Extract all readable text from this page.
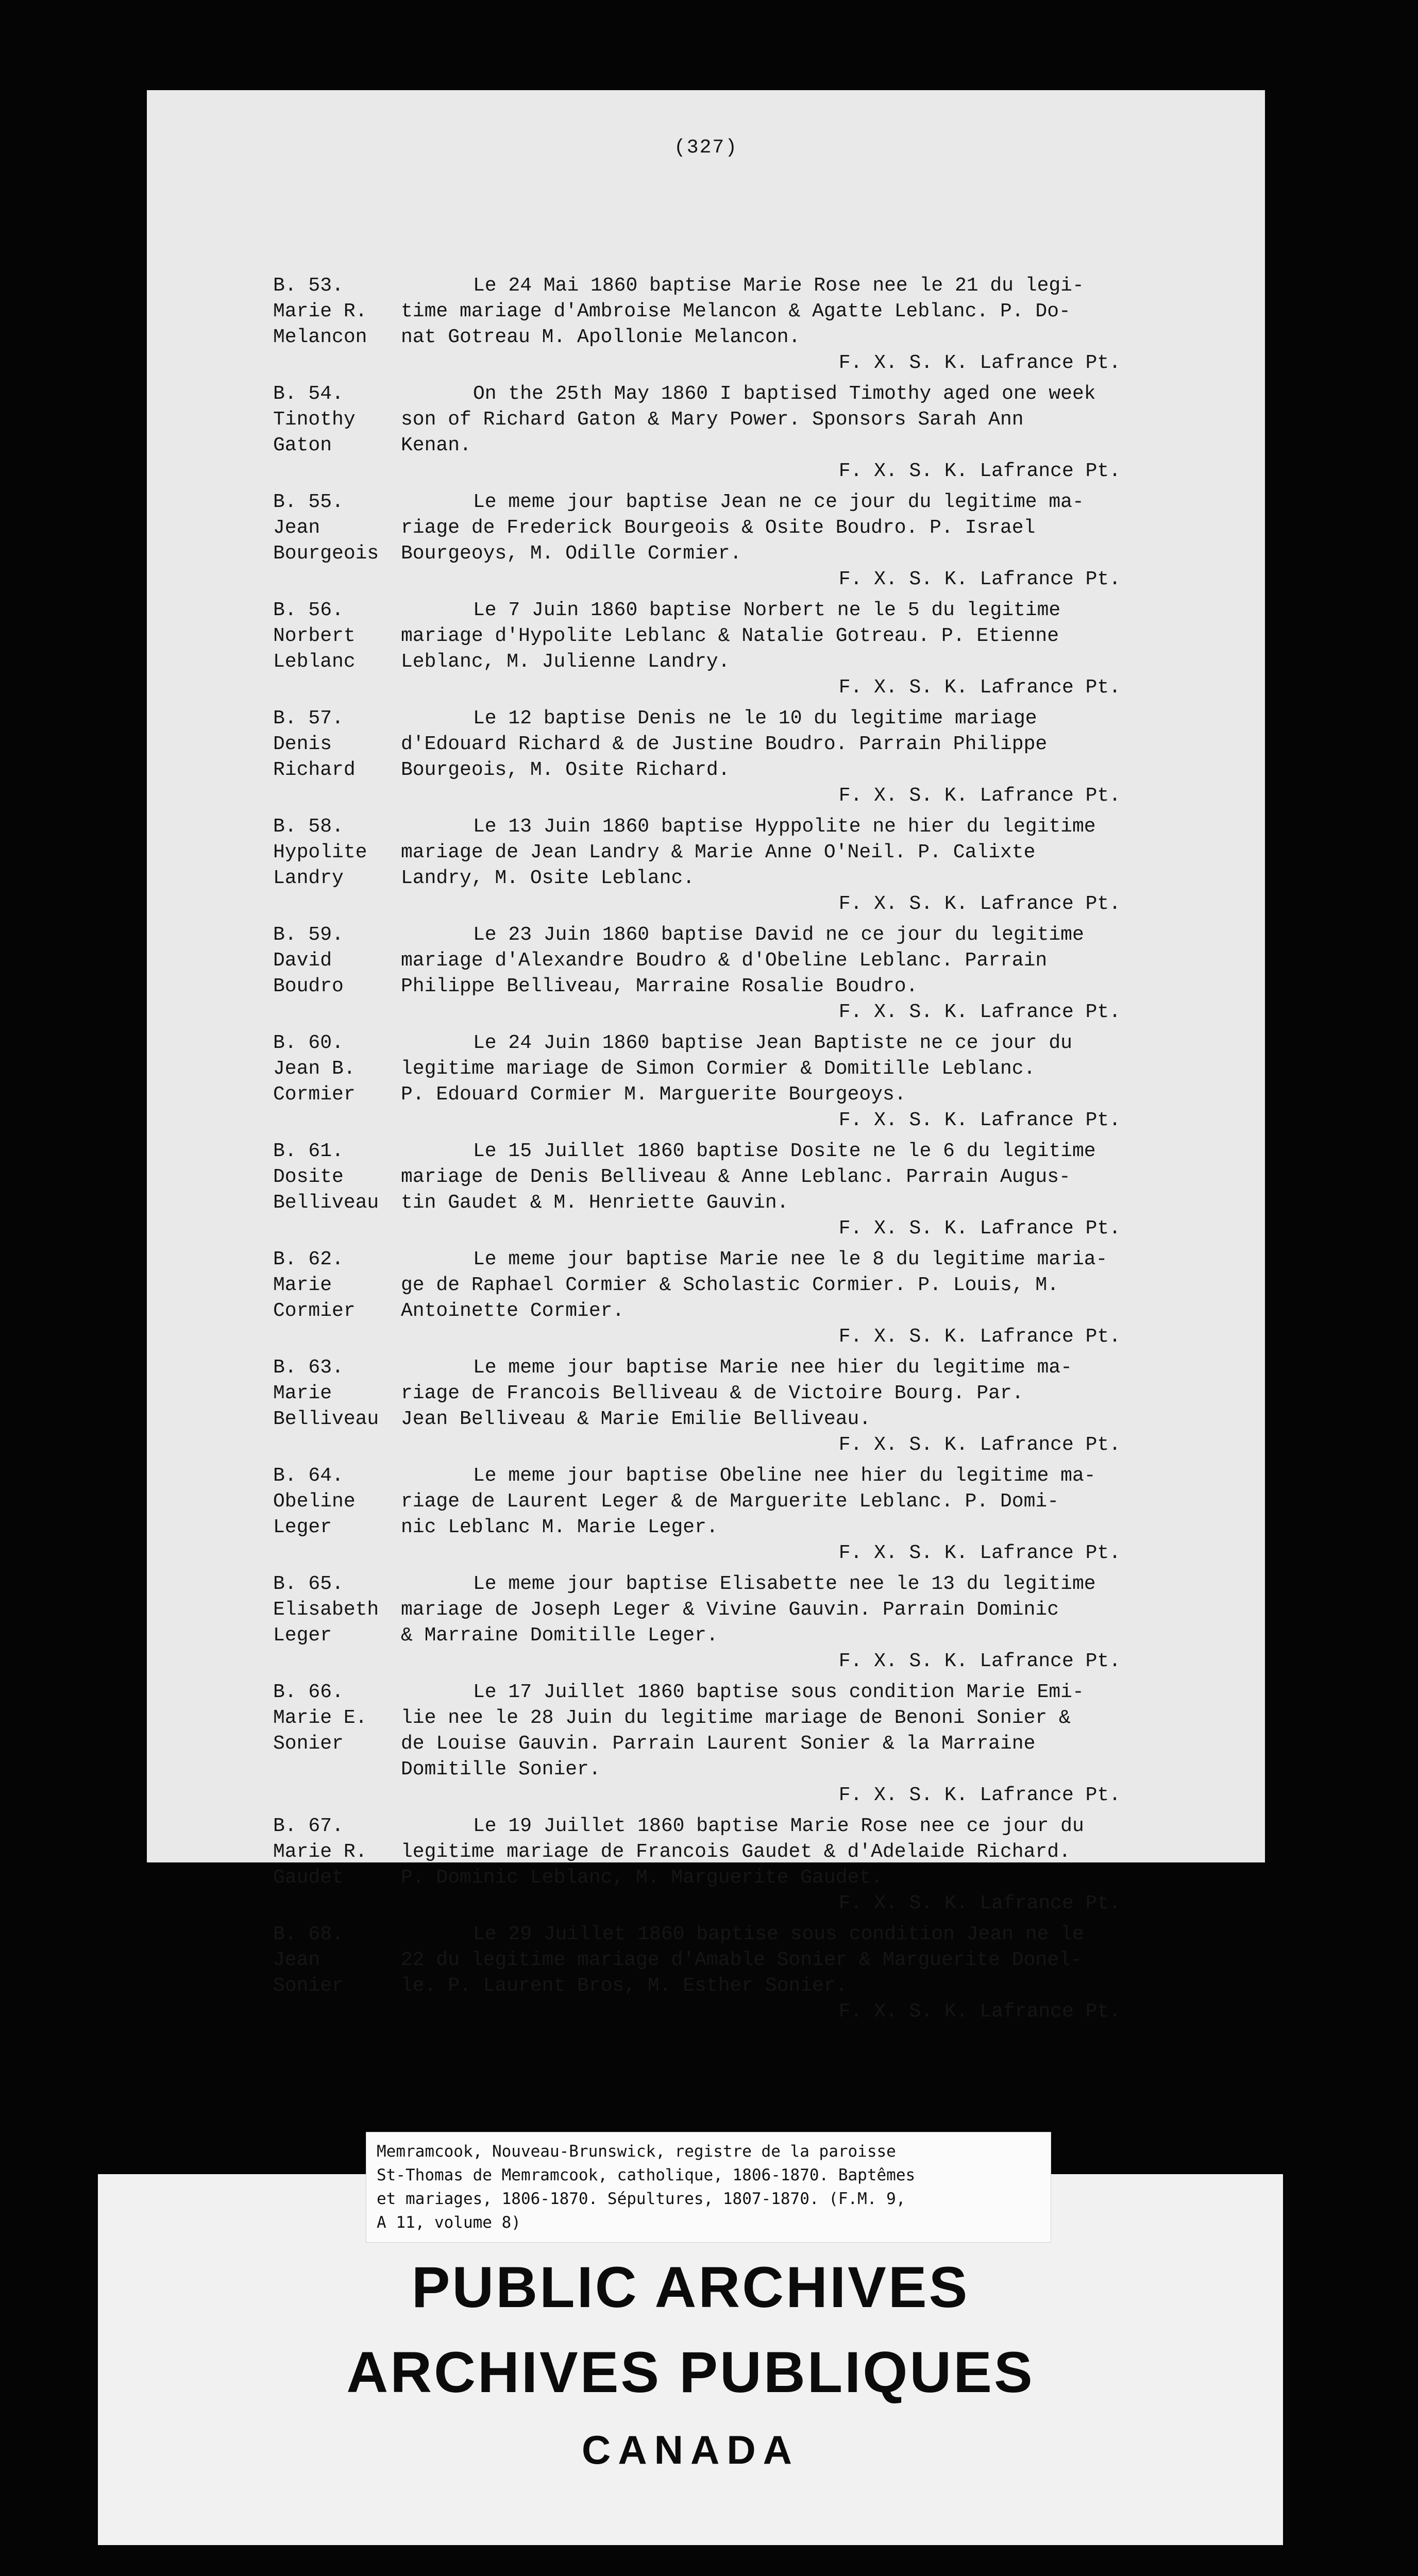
(327)
B. 53.
Marie R.
Melancon
Le 24 Mai 1860 baptise Marie Rose nee le 21 du legi-
time mariage d'Ambroise Melancon & Agatte Leblanc. P. Do-
nat Gotreau M. Apollonie Melancon.
F. X. S. K. Lafrance Pt.
B. 54.
Tinothy
Gaton
On the 25th May 1860 I baptised Timothy aged one week
son of Richard Gaton & Mary Power. Sponsors Sarah Ann
Kenan.
F. X. S. K. Lafrance Pt.
B. 55.
Jean
Bourgeois
Le meme jour baptise Jean ne ce jour du legitime ma-
riage de Frederick Bourgeois & Osite Boudro. P. Israel
Bourgeoys, M. Odille Cormier.
F. X. S. K. Lafrance Pt.
B. 56.
Norbert
Leblanc
Le 7 Juin 1860 baptise Norbert ne le 5 du legitime
mariage d'Hypolite Leblanc & Natalie Gotreau. P. Etienne
Leblanc, M. Julienne Landry.
F. X. S. K. Lafrance Pt.
B. 57.
Denis
Richard
Le 12 baptise Denis ne le 10 du legitime mariage
d'Edouard Richard & de Justine Boudro. Parrain Philippe
Bourgeois, M. Osite Richard.
F. X. S. K. Lafrance Pt.
B. 58.
Hypolite
Landry
Le 13 Juin 1860 baptise Hyppolite ne hier du legitime
mariage de Jean Landry & Marie Anne O'Neil. P. Calixte
Landry, M. Osite Leblanc.
F. X. S. K. Lafrance Pt.
B. 59.
David
Boudro
Le 23 Juin 1860 baptise David ne ce jour du legitime
mariage d'Alexandre Boudro & d'Obeline Leblanc. Parrain
Philippe Belliveau, Marraine Rosalie Boudro.
F. X. S. K. Lafrance Pt.
B. 60.
Jean B.
Cormier
Le 24 Juin 1860 baptise Jean Baptiste ne ce jour du
legitime mariage de Simon Cormier & Domitille Leblanc.
P. Edouard Cormier M. Marguerite Bourgeoys.
F. X. S. K. Lafrance Pt.
B. 61.
Dosite
Belliveau
Le 15 Juillet 1860 baptise Dosite ne le 6 du legitime
mariage de Denis Belliveau & Anne Leblanc. Parrain Augus-
tin Gaudet & M. Henriette Gauvin.
F. X. S. K. Lafrance Pt.
B. 62.
Marie
Cormier
Le meme jour baptise Marie nee le 8 du legitime maria-
ge de Raphael Cormier & Scholastic Cormier. P. Louis, M.
Antoinette Cormier.
F. X. S. K. Lafrance Pt.
B. 63.
Marie
Belliveau
Le meme jour baptise Marie nee hier du legitime ma-
riage de Francois Belliveau & de Victoire Bourg. Par.
Jean Belliveau & Marie Emilie Belliveau.
F. X. S. K. Lafrance Pt.
B. 64.
Obeline
Leger
Le meme jour baptise Obeline nee hier du legitime ma-
riage de Laurent Leger & de Marguerite Leblanc. P. Domi-
nic Leblanc M. Marie Leger.
F. X. S. K. Lafrance Pt.
B. 65.
Elisabeth
Leger
Le meme jour baptise Elisabette nee le 13 du legitime
mariage de Joseph Leger & Vivine Gauvin. Parrain Dominic
& Marraine Domitille Leger.
F. X. S. K. Lafrance Pt.
B. 66.
Marie E.
Sonier
Le 17 Juillet 1860 baptise sous condition Marie Emi-
lie nee le 28 Juin du legitime mariage de Benoni Sonier &
de Louise Gauvin. Parrain Laurent Sonier & la Marraine
Domitille Sonier.
F. X. S. K. Lafrance Pt.
B. 67.
Marie R.
Gaudet
Le 19 Juillet 1860 baptise Marie Rose nee ce jour du
legitime mariage de Francois Gaudet & d'Adelaide Richard.
P. Dominic Leblanc, M. Marguerite Gaudet.
F. X. S. K. Lafrance Pt.
B. 68.
Jean
Sonier
Le 29 Juillet 1860 baptise sous condition Jean ne le
22 du legitime mariage d'Amable Sonier & Marguerite Donel-
le. P. Laurent Bros, M. Esther Sonier.
F. X. S. K. Lafrance Pt.
Memramcook, Nouveau-Brunswick, registre de la paroisse
St-Thomas de Memramcook, catholique, 1806-1870. Baptêmes
et mariages, 1806-1870. Sépultures, 1807-1870. (F.M. 9,
A 11, volume 8)
PUBLIC ARCHIVES
ARCHIVES PUBLIQUES
CANADA
